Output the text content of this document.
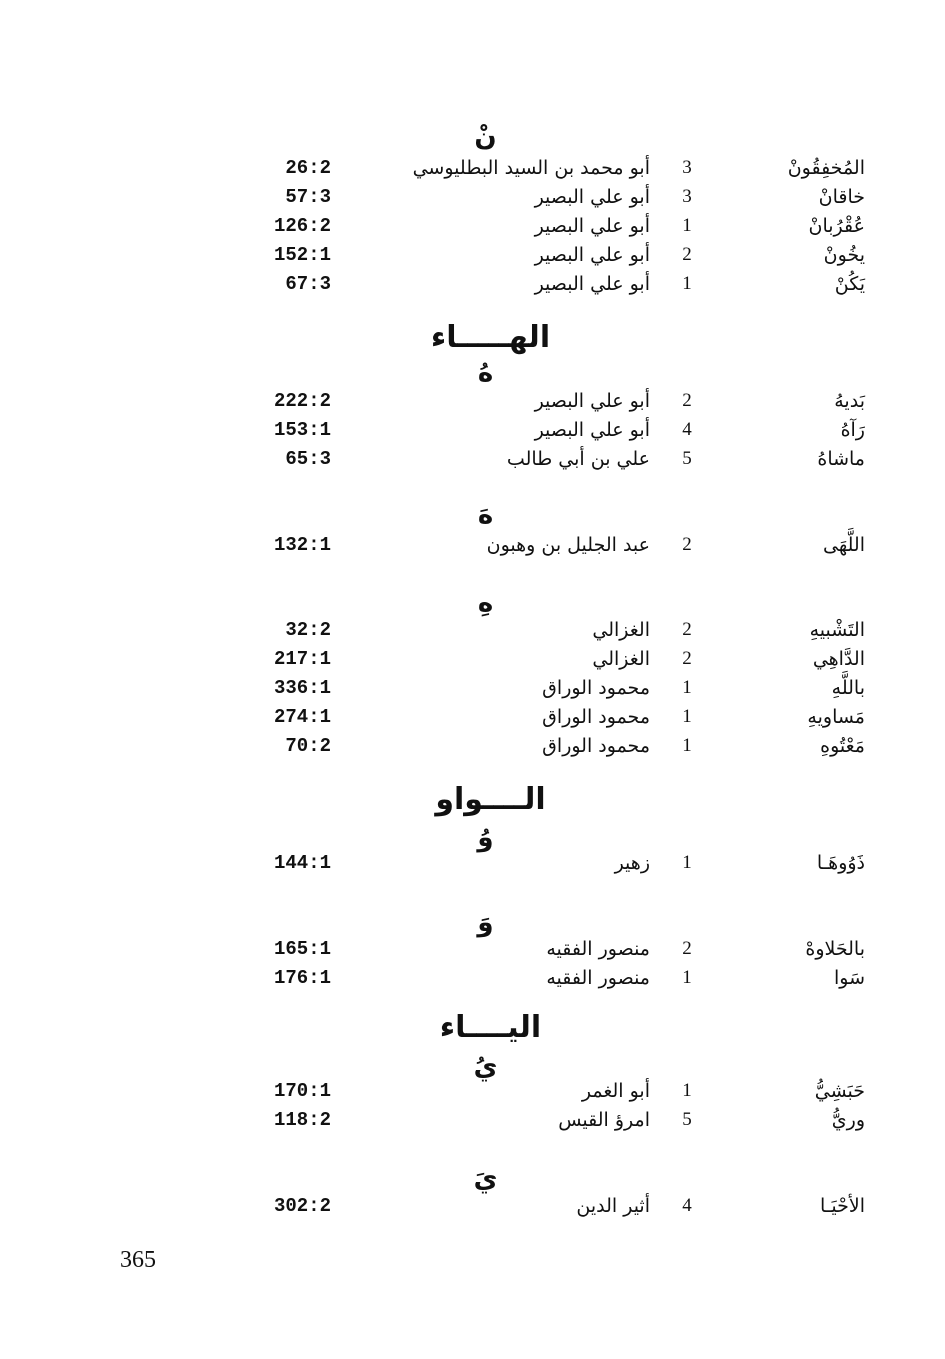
نْ
المُخفِقُونْ
3
أبو محمد بن السيد البطليوسي
26:2
خاقانْ
3
أبو علي البصير
57:3
عُقْرُبانْ
1
أبو علي البصير
126:2
يخُونْ
2
أبو علي البصير
152:1
يَكُنْ
1
أبو علي البصير
67:3
الهـــــاء
هُ
بَديهُ
2
أبو علي البصير
222:2
رَآهُ
4
أبو علي البصير
153:1
ماشاهُ
5
علي بن أبي طالب
65:3
هَ
اللَّهَى
2
عبد الجليل بن وهبون
132:1
هِ
التَشْبيهِ
2
الغزالي
32:2
الدَّاهِي
2
الغزالي
217:1
باللَّهِ
1
محمود الوراق
336:1
مَساويهِ
1
محمود الوراق
274:1
مَعْتُوهِ
1
محمود الوراق
70:2
الــــواو
وُ
ذَوُوهَـا
1
زهير
144:1
وَ
بالحَلاوهْ
2
منصور الفقيه
165:1
سَوا
1
منصور الفقيه
176:1
اليــــاء
يُ
حَبَشِيُّ
1
أبو الغمر
170:1
وريُّ
5
امرؤ القيس
118:2
يَ
الأحْيَـا
4
أثير الدين
302:2
365
